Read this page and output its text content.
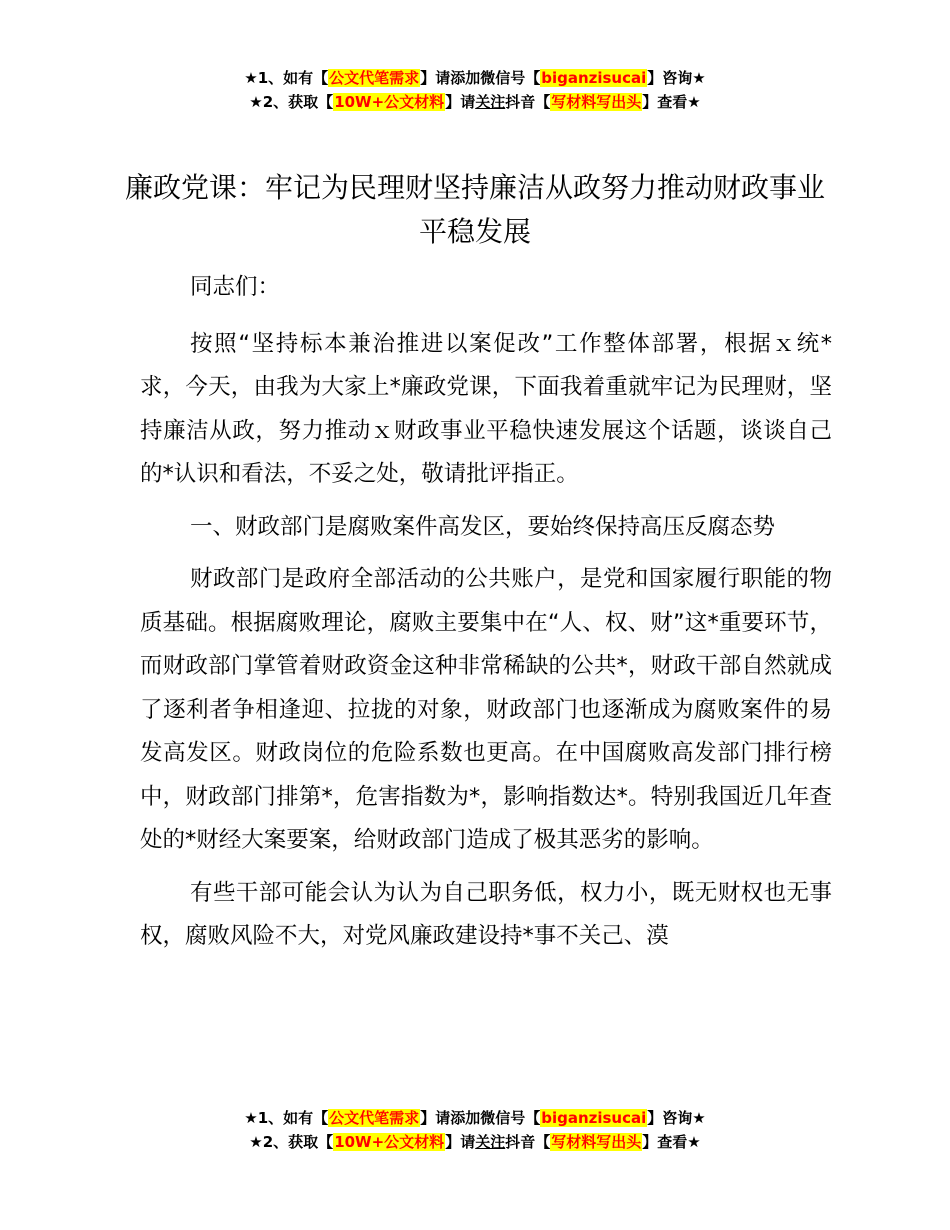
★1、如有【公文代笔需求】请添加微信号【biganzisucai】咨询★
★2、获取【10W+公文材料】请关注抖音【写材料写出头】查看★
廉政党课：牢记为民理财坚持廉洁从政努力推动财政事业平稳发展

同志们：

按照“坚持标本兼治推进以案促改”工作整体部署，根据ｘ统*求，今天，由我为大家上*廉政党课，下面我着重就牢记为民理财，坚持廉洁从政，努力推动ｘ财政事业平稳快速发展这个话题，谈谈自己的*认识和看法，不妥之处，敬请批评指正。

一、财政部门是腐败案件高发区，要始终保持高压反腐态势

财政部门是政府全部活动的公共账户，是党和国家履行职能的物质基础。根据腐败理论，腐败主要集中在“人、权、财”这*重要环节，而财政部门掌管着财政资金这种非常稀缺的公共*，财政干部自然就成了逐利者争相逢迎、拉拢的对象，财政部门也逐渐成为腐败案件的易发高发区。财政岗位的危险系数也更高。在中国腐败高发部门排行榜中，财政部门排第*，危害指数为*，影响指数达*。特别我国近几年查处的*财经大案要案，给财政部门造成了极其恶劣的影响。

有些干部可能会认为认为自己职务低，权力小，既无财权也无事权，腐败风险不大，对党风廉政建设持*事不关己、漠

★1、如有【公文代笔需求】请添加微信号【biganzisucai】咨询★
★2、获取【10W+公文材料】请关注抖音【写材料写出头】查看★
